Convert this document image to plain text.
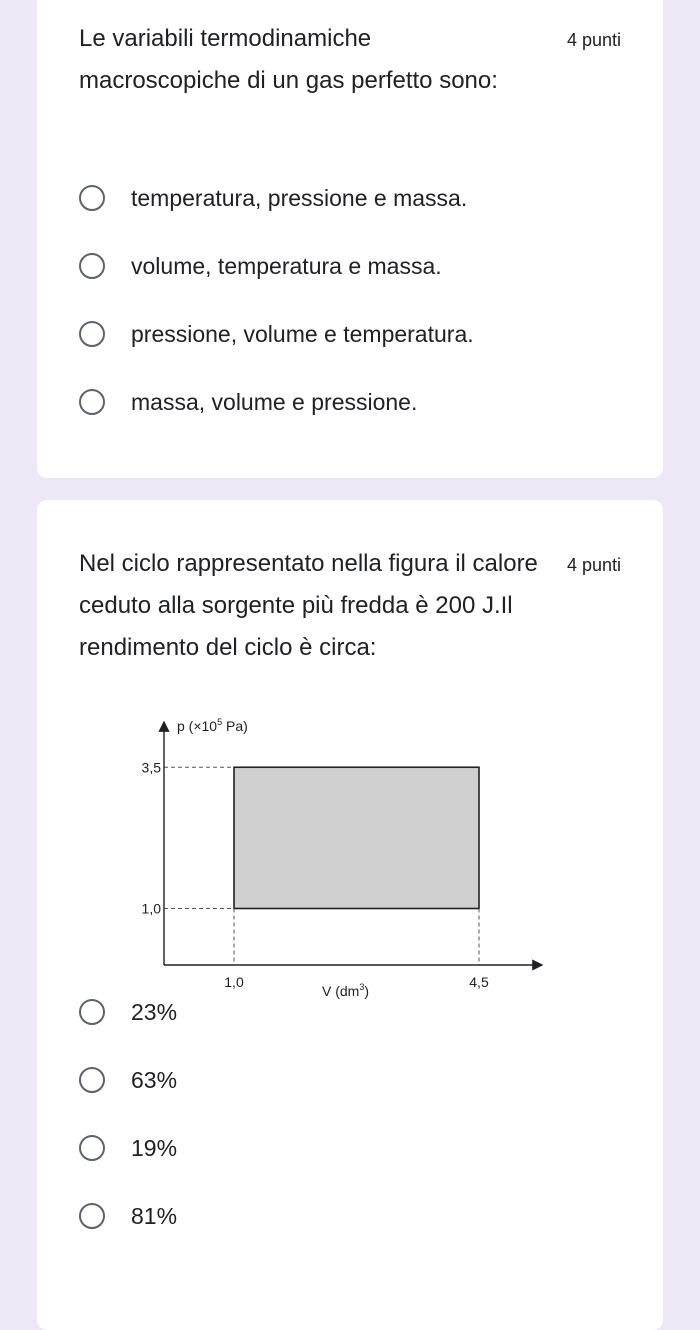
Le variabili termodinamiche macroscopiche di un gas perfetto sono:
4 punti
temperatura, pressione e massa.
volume, temperatura e massa.
pressione, volume e temperatura.
massa, volume e pressione.
Nel ciclo rappresentato nella figura il calore ceduto alla sorgente più fredda è 200 J.Il rendimento del ciclo è circa:
4 punti
p ($\times 10^5$ Pa)
V $(dm^3)$
3,5
1,0
1,0	4,5
23%
63%
19%
81%
